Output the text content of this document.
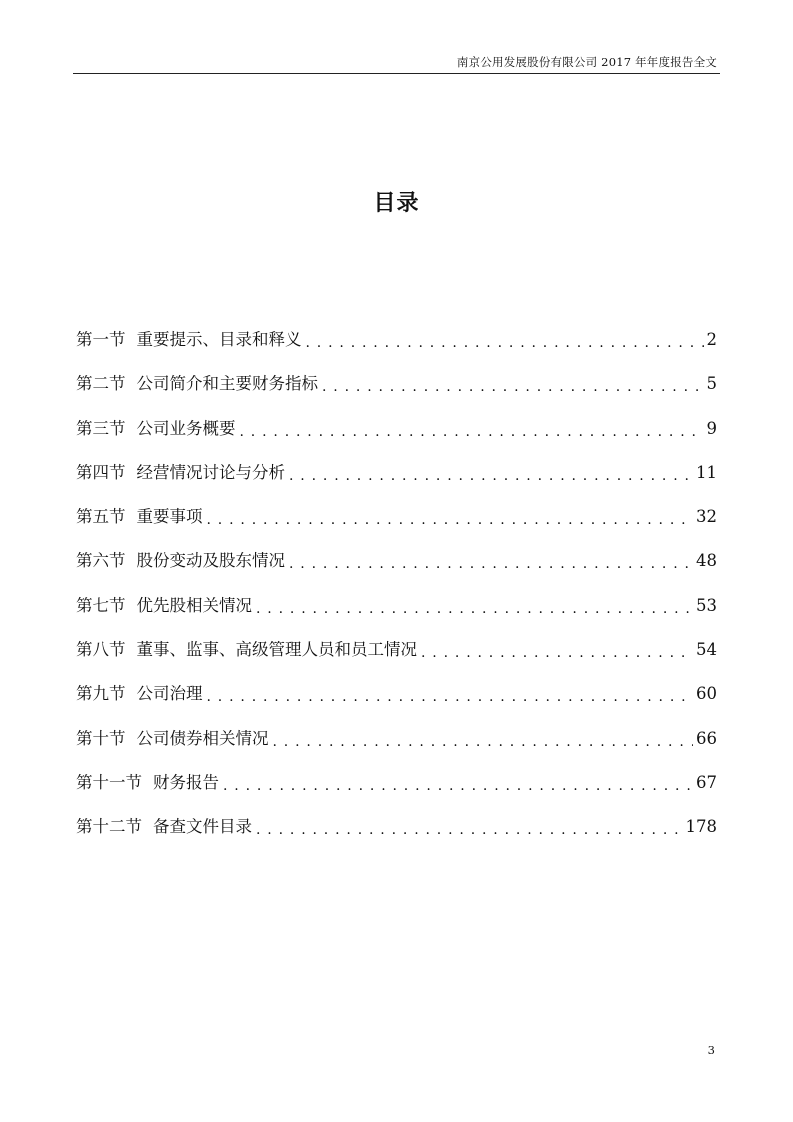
南京公用发展股份有限公司 2017 年年度报告全文
目录
第一节 重要提示、目录和释义 . . .	2
第二节 公司简介和主要财务指标 . . .	5
第三节 公司业务概要 . . .	9
第四节 经营情况讨论与分析 . . .	11
第五节 重要事项 . . .	32
第六节 股份变动及股东情况 . . .	48
第七节 优先股相关情况 . . .	53
第八节 董事、监事、高级管理人员和员工情况 . . .	54
第九节 公司治理 . . .	60
第十节 公司债券相关情况 . . .	66
第十一节 财务报告 . . .	67
第十二节 备查文件目录 . . .	178
3
